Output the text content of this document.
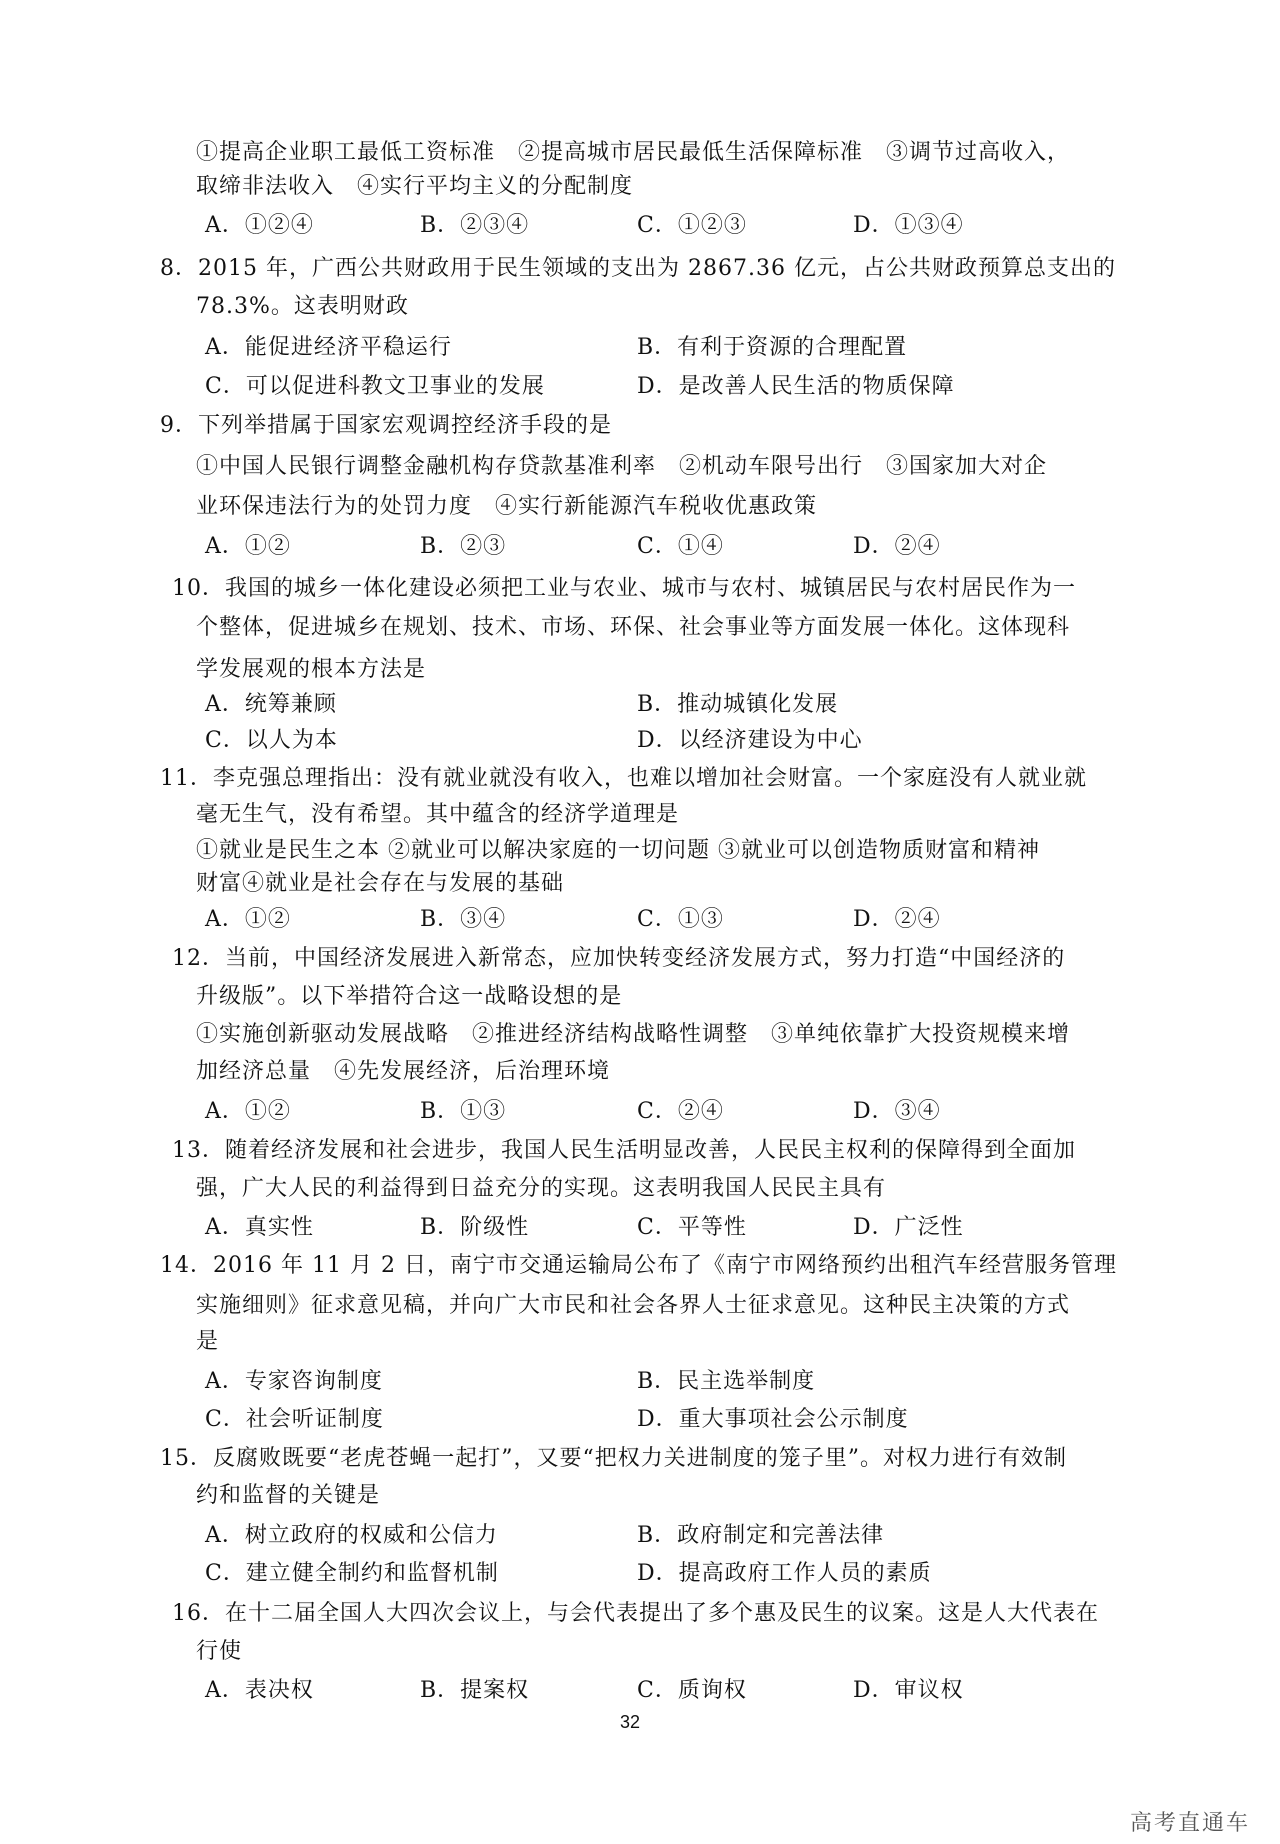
①提高企业职工最低工资标准　②提高城市居民最低生活保障标准　③调节过高收入，
取缔非法收入　④实行平均主义的分配制度
A．①②④	B．②③④	C．①②③	D．①③④
8．2015 年，广西公共财政用于民生领域的支出为 2867.36 亿元，占公共财政预算总支出的
78.3%。这表明财政
A．能促进经济平稳运行	B．有利于资源的合理配置
C．可以促进科教文卫事业的发展	D．是改善人民生活的物质保障
9．下列举措属于国家宏观调控经济手段的是
①中国人民银行调整金融机构存贷款基准利率　②机动车限号出行　③国家加大对企
业环保违法行为的处罚力度　④实行新能源汽车税收优惠政策
A．①②	B．②③	C．①④	D．②④
10．我国的城乡一体化建设必须把工业与农业、城市与农村、城镇居民与农村居民作为一
个整体，促进城乡在规划、技术、市场、环保、社会事业等方面发展一体化。这体现科
学发展观的根本方法是
A．统筹兼顾	B．推动城镇化发展
C．以人为本	D．以经济建设为中心
11．李克强总理指出：没有就业就没有收入，也难以增加社会财富。一个家庭没有人就业就
毫无生气，没有希望。其中蕴含的经济学道理是
①就业是民生之本 ②就业可以解决家庭的一切问题 ③就业可以创造物质财富和精神
财富④就业是社会存在与发展的基础
A．①②	B．③④	C．①③	D．②④
12．当前，中国经济发展进入新常态，应加快转变经济发展方式，努力打造“中国经济的
升级版”。以下举措符合这一战略设想的是
①实施创新驱动发展战略　②推进经济结构战略性调整　③单纯依靠扩大投资规模来增
加经济总量　④先发展经济，后治理环境
A．①②	B．①③	C．②④	D．③④
13．随着经济发展和社会进步，我国人民生活明显改善，人民民主权利的保障得到全面加
强，广大人民的利益得到日益充分的实现。这表明我国人民民主具有
A．真实性	B．阶级性	C．平等性	D．广泛性
14．2016 年 11 月 2 日，南宁市交通运输局公布了《南宁市网络预约出租汽车经营服务管理
实施细则》征求意见稿，并向广大市民和社会各界人士征求意见。这种民主决策的方式
是
A．专家咨询制度	B．民主选举制度
C．社会听证制度	D．重大事项社会公示制度
15．反腐败既要“老虎苍蝇一起打”，又要“把权力关进制度的笼子里”。对权力进行有效制
约和监督的关键是
A．树立政府的权威和公信力	B．政府制定和完善法律
C．建立健全制约和监督机制	D．提高政府工作人员的素质
16．在十二届全国人大四次会议上，与会代表提出了多个惠及民生的议案。这是人大代表在
行使
A．表决权	B．提案权	C．质询权	D．审议权
32
高考直通车
